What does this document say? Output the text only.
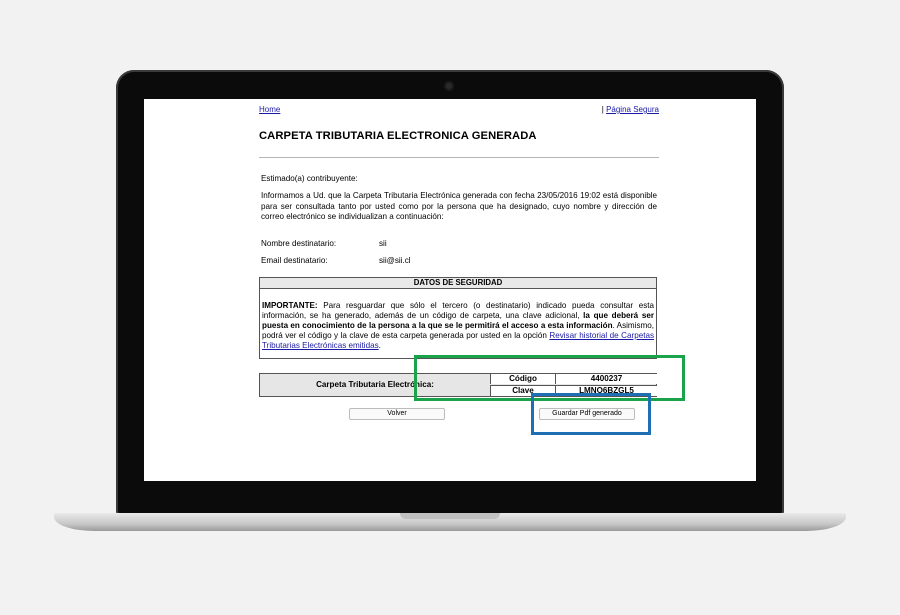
Home	| Página Segura
CARPETA TRIBUTARIA ELECTRONICA GENERADA
Estimado(a) contribuyente:
Informamos a Ud. que la Carpeta Tributaria Electrónica generada con fecha 23/05/2016 19:02 está disponible para ser consultada tanto por usted como por la persona que ha designado, cuyo nombre y dirección de correo electrónico se individualizan a continuación:
Nombre destinatario:	sii
Email destinatario:	sii@sii.cl
DATOS DE SEGURIDAD
IMPORTANTE: Para resguardar que sólo el tercero (o destinatario) indicado pueda consultar esta información, se ha generado, además de un código de carpeta, una clave adicional, la que deberá ser puesta en conocimiento de la persona a la que se le permitirá el acceso a esta información. Asimismo, podrá ver el código y la clave de esta carpeta generada por usted en la opción Revisar historial de Carpetas Tributarias Electrónicas emitidas.
Carpeta Tributaria Electrónica:
Código	4400237
Clave	LMNQ6BZGL5
Volver	Guardar Pdf generado
